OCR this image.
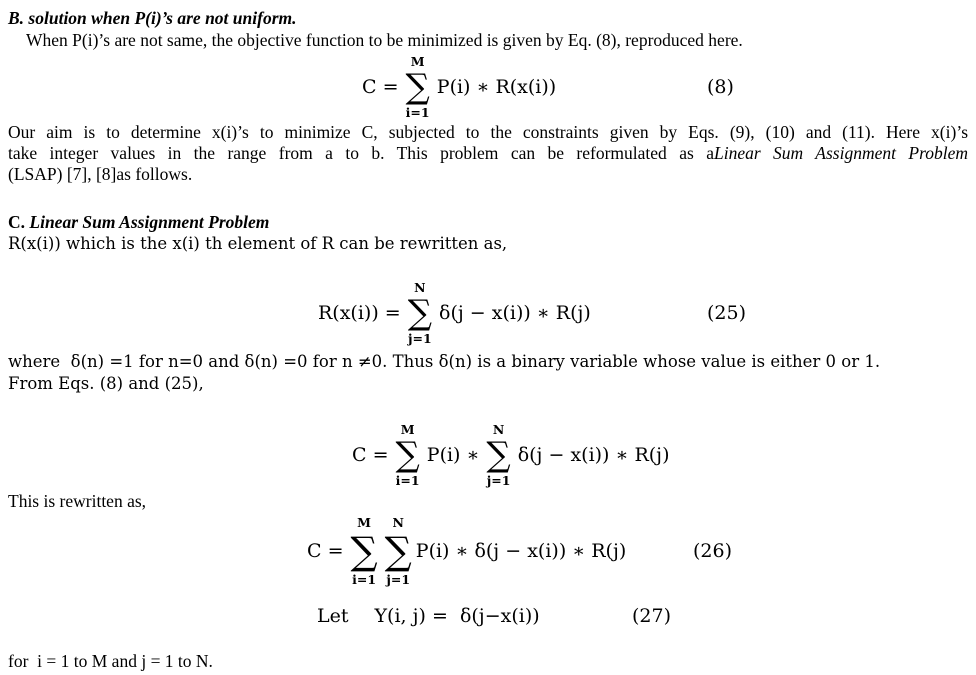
B. solution when P(i)’s are not uniform.
When P(i)’s are not same, the objective function to be minimized is given by Eq. (8), reproduced here.
C =
M
∑
i=1
P(i) ∗ R(x(i))	(8)
Our aim is to determine x(i)’s to minimize C, subjected to the constraints given by Eqs. (9), (10) and (11). Here x(i)’s
take integer values in the range from a to b. This problem can be reformulated as aLinear Sum Assignment Problem
(LSAP) [7], [8]as follows.
C. Linear Sum Assignment Problem
R(x(i)) which is the x(i) th element of R can be rewritten as,
R(x(i)) =
N
∑
j=1
δ(j − x(i)) ∗ R(j)	(25)
where  δ(n) =1 for n=0 and δ(n) =0 for n ≠0. Thus δ(n) is a binary variable whose value is either 0 or 1.
From Eqs. (8) and (25),
C =
M
∑
i=1
P(i) ∗
N
∑
j=1
δ(j − x(i)) ∗ R(j)
This is rewritten as,
C =
M
∑
i=1
N
∑
j=1
P(i) ∗ δ(j − x(i)) ∗ R(j)	(26)
Let Y(i, j) =  δ(j−x(i))	(27)
for  i = 1 to M and j = 1 to N.
